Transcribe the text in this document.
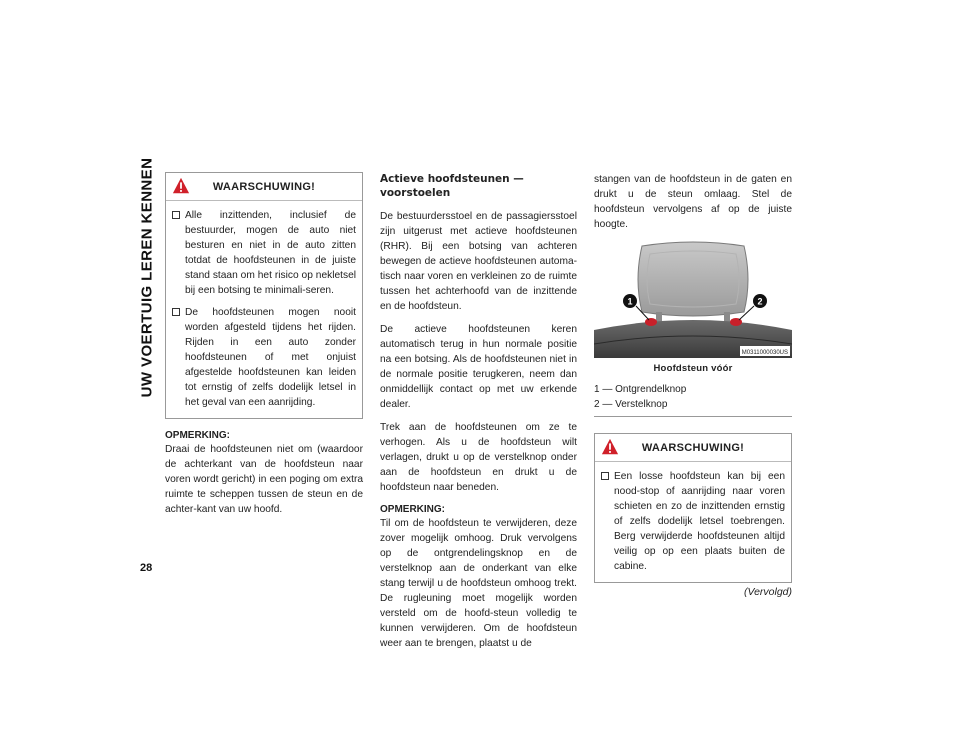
UW VOERTUIG LEREN KENNEN
28
WAARSCHUWING!
Alle inzittenden, inclusief de bestuurder, mogen de auto niet besturen en niet in de auto zitten totdat de hoofdsteunen in de juiste stand staan om het risico op nekletsel bij een botsing te minimali-seren.
De hoofdsteunen mogen nooit worden afgesteld tijdens het rijden. Rijden in een auto zonder hoofdsteunen of met onjuist afgestelde hoofdsteunen kan leiden tot ernstig of zelfs dodelijk letsel in het geval van een aanrijding.
OPMERKING:
Draai de hoofdsteunen niet om (waardoor de achterkant van de hoofdsteun naar voren wordt gericht) in een poging om extra ruimte te scheppen tussen de steun en de achter-kant van uw hoofd.
Actieve hoofdsteunen — voorstoelen
De bestuurdersstoel en de passagiersstoel zijn uitgerust met actieve hoofdsteunen (RHR). Bij een botsing van achteren bewegen de actieve hoofdsteunen automa-tisch naar voren en verkleinen zo de ruimte tussen het achterhoofd van de inzittende en de hoofdsteun.
De actieve hoofdsteunen keren automatisch terug in hun normale positie na een botsing. Als de hoofdsteunen niet in de normale positie terugkeren, neem dan onmiddellijk contact op met uw erkende dealer.
Trek aan de hoofdsteunen om ze te verhogen. Als u de hoofdsteun wilt verlagen, drukt u op de verstelknop onder aan de hoofdsteun en drukt u de hoofdsteun naar beneden.
OPMERKING:
Til om de hoofdsteun te verwijderen, deze zover mogelijk omhoog. Druk vervolgens op de ontgrendelingsknop en de verstelknop aan de onderkant van elke stang terwijl u de hoofdsteun omhoog trekt. De rugleuning moet mogelijk worden versteld om de hoofd-steun volledig te kunnen verwijderen. Om de hoofdsteun weer aan te brengen, plaatst u de
stangen van de hoofdsteun in de gaten en drukt u de steun omlaag. Stel de hoofdsteun vervolgens af op de juiste hoogte.
1	2
M0311000030US
Hoofdsteun vóór
1 — Ontgrendelknop
2 — Verstelknop
WAARSCHUWING!
Een losse hoofdsteun kan bij een nood-stop of aanrijding naar voren schieten en zo de inzittenden ernstig of zelfs dodelijk letsel toebrengen. Berg verwijderde hoofdsteunen altijd veilig op op een plaats buiten de cabine.
(Vervolgd)
